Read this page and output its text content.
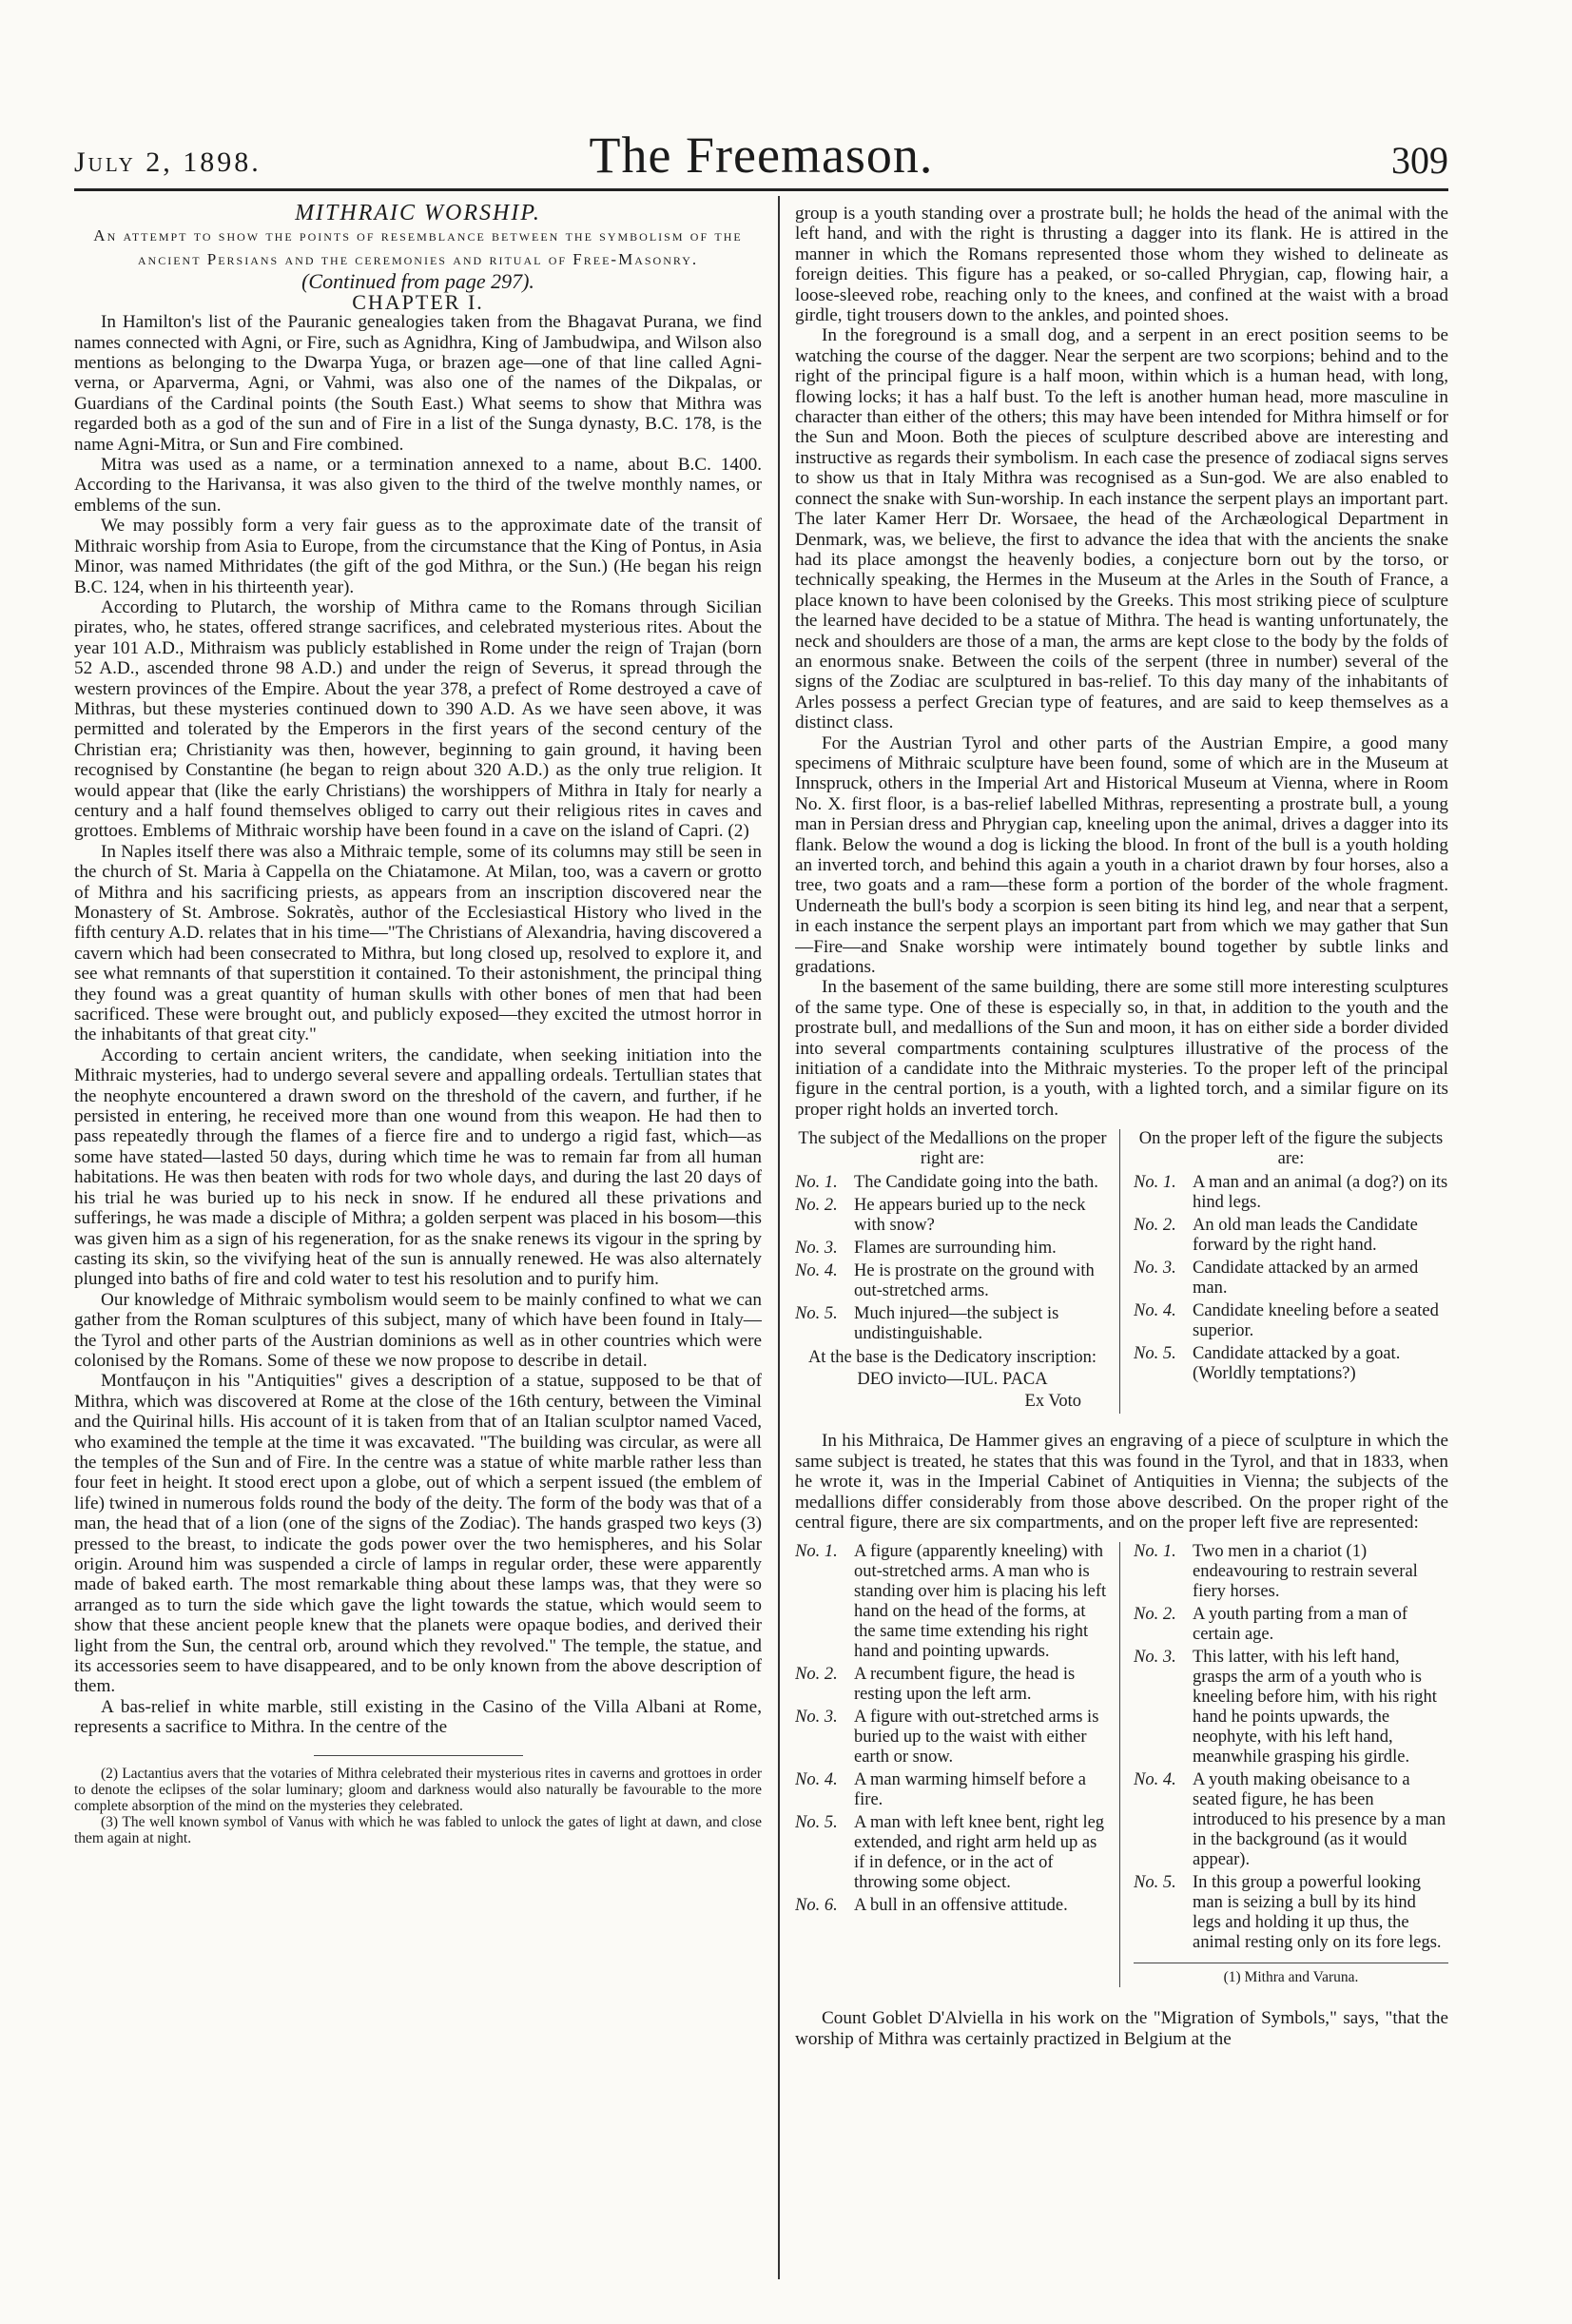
July 2, 1898.	The Freemason.	309

MITHRAIC WORSHIP.

An attempt to show the points of resemblance between the symbolism of the ancient Persians and the ceremonies and ritual of Free-Masonry.

(Continued from page 297).

CHAPTER I.

In Hamilton's list of the Pauranic genealogies taken from the Bhagavat Purana, we find names connected with Agni, or Fire, such as Agnidhra, King of Jambudwipa, and Wilson also mentions as belonging to the Dwarpa Yuga, or brazen age—one of that line called Agni-verna, or Aparverma, Agni, or Vahmi, was also one of the names of the Dikpalas, or Guardians of the Cardinal points (the South East.) What seems to show that Mithra was regarded both as a god of the sun and of Fire in a list of the Sunga dynasty, B.C. 178, is the name Agni-Mitra, or Sun and Fire combined.

Mitra was used as a name, or a termination annexed to a name, about B.C. 1400. According to the Harivansa, it was also given to the third of the twelve monthly names, or emblems of the sun.

We may possibly form a very fair guess as to the approximate date of the transit of Mithraic worship from Asia to Europe, from the circumstance that the King of Pontus, in Asia Minor, was named Mithridates (the gift of the god Mithra, or the Sun.) (He began his reign B.C. 124, when in his thirteenth year).

According to Plutarch, the worship of Mithra came to the Romans through Sicilian pirates, who, he states, offered strange sacrifices, and celebrated mysterious rites. About the year 101 A.D., Mithraism was publicly established in Rome under the reign of Trajan (born 52 A.D., ascended throne 98 A.D.) and under the reign of Severus, it spread through the western provinces of the Empire. About the year 378, a prefect of Rome destroyed a cave of Mithras, but these mysteries continued down to 390 A.D. As we have seen above, it was permitted and tolerated by the Emperors in the first years of the second century of the Christian era; Christianity was then, however, beginning to gain ground, it having been recognised by Constantine (he began to reign about 320 A.D.) as the only true religion. It would appear that (like the early Christians) the worshippers of Mithra in Italy for nearly a century and a half found themselves obliged to carry out their religious rites in caves and grottoes. Emblems of Mithraic worship have been found in a cave on the island of Capri. (2)

In Naples itself there was also a Mithraic temple, some of its columns may still be seen in the church of St. Maria à Cappella on the Chiatamone. At Milan, too, was a cavern or grotto of Mithra and his sacrificing priests, as appears from an inscription discovered near the Monastery of St. Ambrose. Sokratès, author of the Ecclesiastical History who lived in the fifth century A.D. relates that in his time—"The Christians of Alexandria, having discovered a cavern which had been consecrated to Mithra, but long closed up, resolved to explore it, and see what remnants of that superstition it contained. To their astonishment, the principal thing they found was a great quantity of human skulls with other bones of men that had been sacrificed. These were brought out, and publicly exposed—they excited the utmost horror in the inhabitants of that great city."

According to certain ancient writers, the candidate, when seeking initiation into the Mithraic mysteries, had to undergo several severe and appalling ordeals. Tertullian states that the neophyte encountered a drawn sword on the threshold of the cavern, and further, if he persisted in entering, he received more than one wound from this weapon. He had then to pass repeatedly through the flames of a fierce fire and to undergo a rigid fast, which—as some have stated—lasted 50 days, during which time he was to remain far from all human habitations. He was then beaten with rods for two whole days, and during the last 20 days of his trial he was buried up to his neck in snow. If he endured all these privations and sufferings, he was made a disciple of Mithra; a golden serpent was placed in his bosom—this was given him as a sign of his regeneration, for as the snake renews its vigour in the spring by casting its skin, so the vivifying heat of the sun is annually renewed. He was also alternately plunged into baths of fire and cold water to test his resolution and to purify him.

Our knowledge of Mithraic symbolism would seem to be mainly confined to what we can gather from the Roman sculptures of this subject, many of which have been found in Italy—the Tyrol and other parts of the Austrian dominions as well as in other countries which were colonised by the Romans. Some of these we now propose to describe in detail.

Montfauçon in his "Antiquities" gives a description of a statue, supposed to be that of Mithra, which was discovered at Rome at the close of the 16th century, between the Viminal and the Quirinal hills. His account of it is taken from that of an Italian sculptor named Vaced, who examined the temple at the time it was excavated. "The building was circular, as were all the temples of the Sun and of Fire. In the centre was a statue of white marble rather less than four feet in height. It stood erect upon a globe, out of which a serpent issued (the emblem of life) twined in numerous folds round the body of the deity. The form of the body was that of a man, the head that of a lion (one of the signs of the Zodiac). The hands grasped two keys (3) pressed to the breast, to indicate the gods power over the two hemispheres, and his Solar origin. Around him was suspended a circle of lamps in regular order, these were apparently made of baked earth. The most remarkable thing about these lamps was, that they were so arranged as to turn the side which gave the light towards the statue, which would seem to show that these ancient people knew that the planets were opaque bodies, and derived their light from the Sun, the central orb, around which they revolved." The temple, the statue, and its accessories seem to have disappeared, and to be only known from the above description of them.

A bas-relief in white marble, still existing in the Casino of the Villa Albani at Rome, represents a sacrifice to Mithra. In the centre of the

(2) Lactantius avers that the votaries of Mithra celebrated their mysterious rites in caverns and grottoes in order to denote the eclipses of the solar luminary; gloom and darkness would also naturally be favourable to the more complete absorption of the mind on the mysteries they celebrated.

(3) The well known symbol of Vanus with which he was fabled to unlock the gates of light at dawn, and close them again at night.

group is a youth standing over a prostrate bull; he holds the head of the animal with the left hand, and with the right is thrusting a dagger into its flank. He is attired in the manner in which the Romans represented those whom they wished to delineate as foreign deities. This figure has a peaked, or so-called Phrygian, cap, flowing hair, a loose-sleeved robe, reaching only to the knees, and confined at the waist with a broad girdle, tight trousers down to the ankles, and pointed shoes.

In the foreground is a small dog, and a serpent in an erect position seems to be watching the course of the dagger. Near the serpent are two scorpions; behind and to the right of the principal figure is a half moon, within which is a human head, with long, flowing locks; it has a half bust. To the left is another human head, more masculine in character than either of the others; this may have been intended for Mithra himself or for the Sun and Moon. Both the pieces of sculpture described above are interesting and instructive as regards their symbolism. In each case the presence of zodiacal signs serves to show us that in Italy Mithra was recognised as a Sun-god. We are also enabled to connect the snake with Sun-worship. In each instance the serpent plays an important part. The later Kamer Herr Dr. Worsaee, the head of the Archæological Department in Denmark, was, we believe, the first to advance the idea that with the ancients the snake had its place amongst the heavenly bodies, a conjecture born out by the torso, or technically speaking, the Hermes in the Museum at the Arles in the South of France, a place known to have been colonised by the Greeks. This most striking piece of sculpture the learned have decided to be a statue of Mithra. The head is wanting unfortunately, the neck and shoulders are those of a man, the arms are kept close to the body by the folds of an enormous snake. Between the coils of the serpent (three in number) several of the signs of the Zodiac are sculptured in bas-relief. To this day many of the inhabitants of Arles possess a perfect Grecian type of features, and are said to keep themselves as a distinct class.

For the Austrian Tyrol and other parts of the Austrian Empire, a good many specimens of Mithraic sculpture have been found, some of which are in the Museum at Innspruck, others in the Imperial Art and Historical Museum at Vienna, where in Room No. X. first floor, is a bas-relief labelled Mithras, representing a prostrate bull, a young man in Persian dress and Phrygian cap, kneeling upon the animal, drives a dagger into its flank. Below the wound a dog is licking the blood. In front of the bull is a youth holding an inverted torch, and behind this again a youth in a chariot drawn by four horses, also a tree, two goats and a ram—these form a portion of the border of the whole fragment. Underneath the bull's body a scorpion is seen biting its hind leg, and near that a serpent, in each instance the serpent plays an important part from which we may gather that Sun—Fire—and Snake worship were intimately bound together by subtle links and gradations.

In the basement of the same building, there are some still more interesting sculptures of the same type. One of these is especially so, in that, in addition to the youth and the prostrate bull, and medallions of the Sun and moon, it has on either side a border divided into several compartments containing sculptures illustrative of the process of the initiation of a candidate into the Mithraic mysteries. To the proper left of the principal figure in the central portion, is a youth, with a lighted torch, and a similar figure on its proper right holds an inverted torch.

The subject of the Medallions on the proper right are:
No. 1. The Candidate going into the bath.
No. 2. He appears buried up to the neck with snow?
No. 3. Flames are surrounding him.
No. 4. He is prostrate on the ground with out-stretched arms.
No. 5. Much injured—the subject is undistinguishable.
At the base is the Dedicatory inscription:
DEO invicto—IUL. PACA
Ex Voto
On the proper left of the figure the subjects are:
No. 1. A man and an animal (a dog?) on its hind legs.
No. 2. An old man leads the Candidate forward by the right hand.
No. 3. Candidate attacked by an armed man.
No. 4. Candidate kneeling before a seated superior.
No. 5. Candidate attacked by a goat. (Worldly temptations?)

In his Mithraica, De Hammer gives an engraving of a piece of sculpture in which the same subject is treated, he states that this was found in the Tyrol, and that in 1833, when he wrote it, was in the Imperial Cabinet of Antiquities in Vienna; the subjects of the medallions differ considerably from those above described. On the proper right of the central figure, there are six compartments, and on the proper left five are represented:

No. 1. A figure (apparently kneeling) with out-stretched arms. A man who is standing over him is placing his left hand on the head of the forms, at the same time extending his right hand and pointing upwards.
No. 2. A recumbent figure, the head is resting upon the left arm.
No. 3. A figure with out-stretched arms is buried up to the waist with either earth or snow.
No. 4. A man warming himself before a fire.
No. 5. A man with left knee bent, right leg extended, and right arm held up as if in defence, or in the act of throwing some object.
No. 6. A bull in an offensive attitude.
No. 1. Two men in a chariot (1) endeavouring to restrain several fiery horses.
No. 2. A youth parting from a man of certain age.
No. 3. This latter, with his left hand, grasps the arm of a youth who is kneeling before him, with his right hand he points upwards, the neophyte, with his left hand, meanwhile grasping his girdle.
No. 4. A youth making obeisance to a seated figure, he has been introduced to his presence by a man in the background (as it would appear).
No. 5. In this group a powerful looking man is seizing a bull by its hind legs and holding it up thus, the animal resting only on its fore legs.
(1) Mithra and Varuna.

Count Goblet D'Alviella in his work on the "Migration of Symbols," says, "that the worship of Mithra was certainly practized in Belgium at the
